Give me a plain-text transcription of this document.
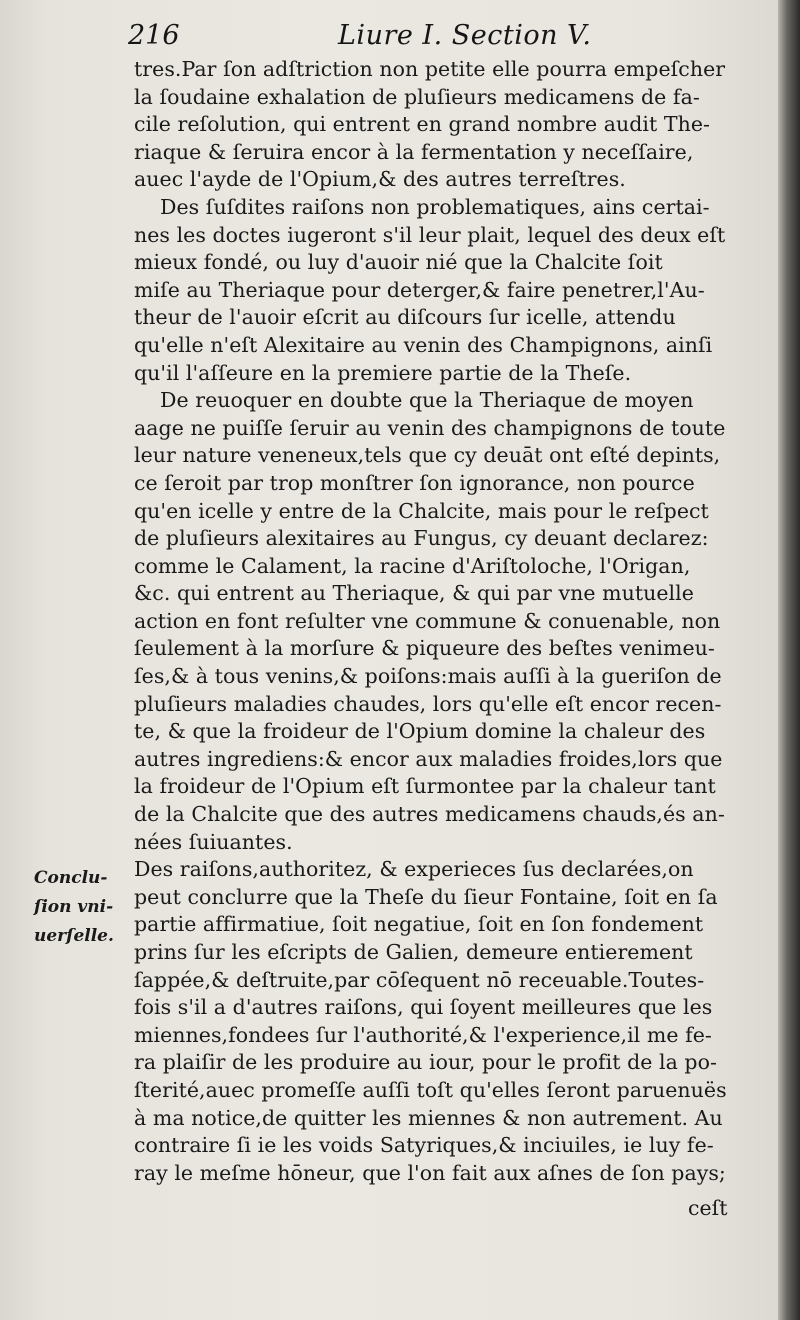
216	Liure I. Section V.
Conclu-
ſion vni-
uerſelle.
tres.Par ſon adſtriction non petite elle pourra empeſcher
la ſoudaine exhalation de pluſieurs medicamens de fa-
cile reſolution, qui entrent en grand nombre audit The-
riaque & ſeruira encor à la fermentation y neceſſaire,
auec l'ayde de l'Opium,& des autres terreſtres.
Des ſuſdites raiſons non problematiques, ains certai-
nes les doctes iugeront s'il leur plait, lequel des deux eſt
mieux fondé, ou luy d'auoir nié que la Chalcite ſoit
miſe au Theriaque pour deterger,& faire penetrer,l'Au-
theur de l'auoir eſcrit au diſcours ſur icelle, attendu
qu'elle n'eſt Alexitaire au venin des Champignons, ainſi
qu'il l'aſſeure en la premiere partie de la Theſe.
De reuoquer en doubte que la Theriaque de moyen
aage ne puiſſe ſeruir au venin des champignons de toute
leur nature veneneux,tels que cy deuāt ont eſté depints,
ce ſeroit par trop monſtrer ſon ignorance, non pource
qu'en icelle y entre de la Chalcite, mais pour le reſpect
de pluſieurs alexitaires au Fungus, cy deuant declarez:
comme le Calament, la racine d'Ariſtoloche, l'Origan,
&c. qui entrent au Theriaque, & qui par vne mutuelle
action en font reſulter vne commune & conuenable, non
ſeulement à la morſure & piqueure des beſtes venimeu-
ſes,& à tous venins,& poiſons:mais auſſi à la gueriſon de
pluſieurs maladies chaudes, lors qu'elle eſt encor recen-
te, & que la froideur de l'Opium domine la chaleur des
autres ingrediens:& encor aux maladies froides,lors que
la froideur de l'Opium eſt ſurmontee par la chaleur tant
de la Chalcite que des autres medicamens chauds,és an-
nées ſuiuantes.
Des raiſons,authoritez, & experieces ſus declarées,on
peut conclurre que la Theſe du ſieur Fontaine, ſoit en ſa
partie affirmatiue, ſoit negatiue, ſoit en ſon fondement
prins ſur les eſcripts de Galien, demeure entierement
ſappée,& deſtruite,par cōſequent nō receuable.Toutes-
fois s'il a d'autres raiſons, qui ſoyent meilleures que les
miennes,fondees ſur l'authorité,& l'experience,il me fe-
ra plaiſir de les produire au iour, pour le profit de la po-
ſterité,auec promeſſe auſſi toſt qu'elles ſeront paruenuës
à ma notice,de quitter les miennes & non autrement. Au
contraire ſi ie les voids Satyriques,& inciuiles, ie luy fe-
ray le meſme hōneur, que l'on fait aux aſnes de ſon pays;
ceſt
